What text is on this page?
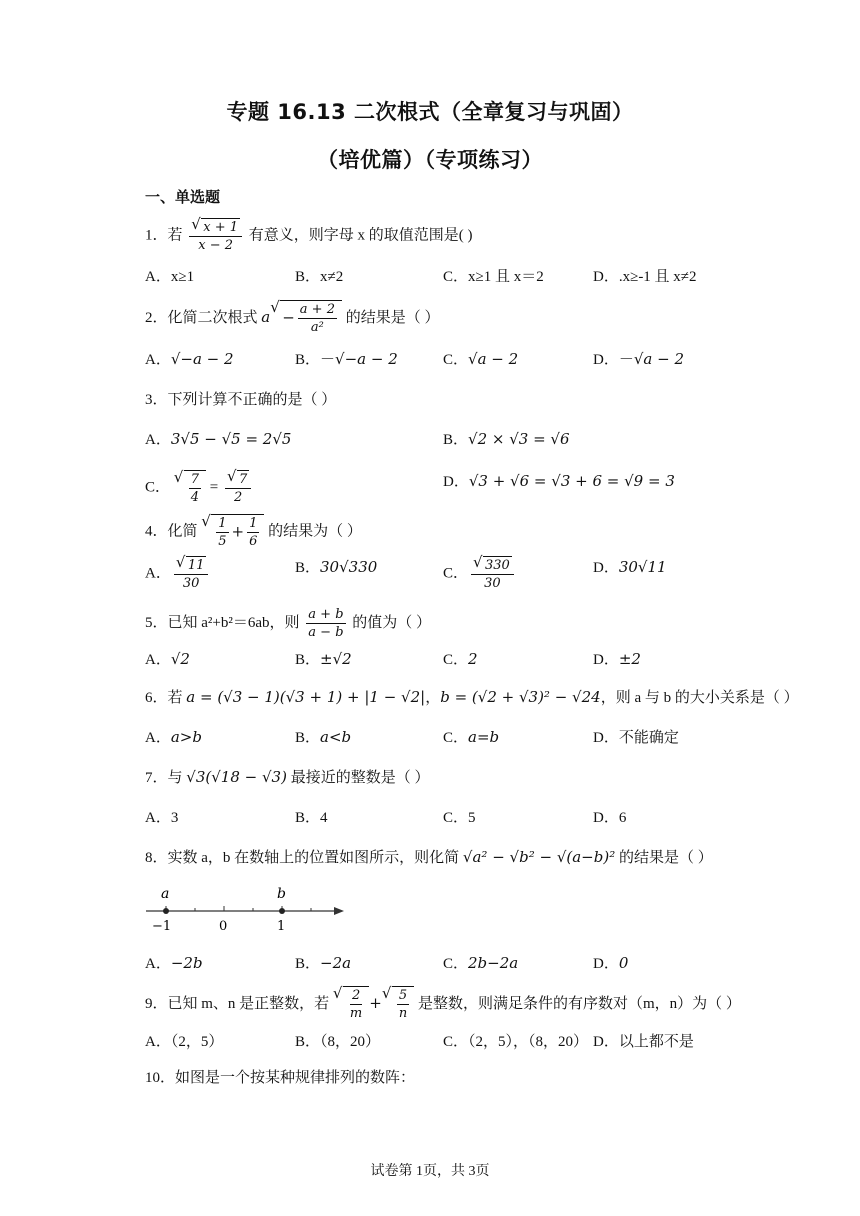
专题 16.13 二次根式（全章复习与巩固）
（培优篇）（专项练习）
一、单选题
1．若
√ $\frac{x + 1}{x - 2}$ 有意义，则字母 x 的取值范围是( )
A．x≥1	B．x≠2	C．x≥1 且 x＝2	D．.x≥-1 且 x≠2
2．化简二次根式 $a√ - \frac{a + 2}{\text{a²}}$ 的结果是（ ）
A．√−a − 2	B．－√−a − 2	C．√a − 2	D．－√a − 2
3．下列计算不正确的是（ ）
A．3√5 − √5 = 2√5	B．√2 × √3 = √6
C．
√ $\frac{7}{4}$ =
√ $\frac{7}{2}$	D．√3 + √6 = √3 + 6 = √9 = 3
4．化简
√ $\frac{1}{5} + \frac{1}{6}$ 的结果为（ ）
A．
√ $\frac{11}{30}$	B．30√330	C．
√ $\frac{330}{30}$	D．30√11
5．已知 a²+b²＝6ab，则 $\frac{a + b}{a - b}$ 的值为（ ）
A．√2	B．±√2	C．2	D．±2
6．若 a = (√3 − 1)(√3 + 1) + |1 − √2|，b = (√2 + √3)² − √24，则 a 与 b 的大小关系是（ ）
A．a>b	B．a<b	C．a=b	D．不能确定
7．与 √3(√18 − √3) 最接近的整数是（ ）
A．3	B．4	C．5	D．6
8．实数 a，b 在数轴上的位置如图所示，则化简 √a² − √b² − √(a−b)² 的结果是（ ）
a	b
−1	0	1
A．−2b	B．−2a	C．2b−2a	D．0
9．已知 m、n 是正整数，若
√ $\frac{2}{m}$ +
√ $\frac{5}{n}$ 是整数，则满足条件的有序数对（m，n）为（ ）
A．（2，5）	B．（8，20）	C．（2，5），（8，20） D．以上都不是
10．如图是一个按某种规律排列的数阵：
试卷第 1页，共 3页
